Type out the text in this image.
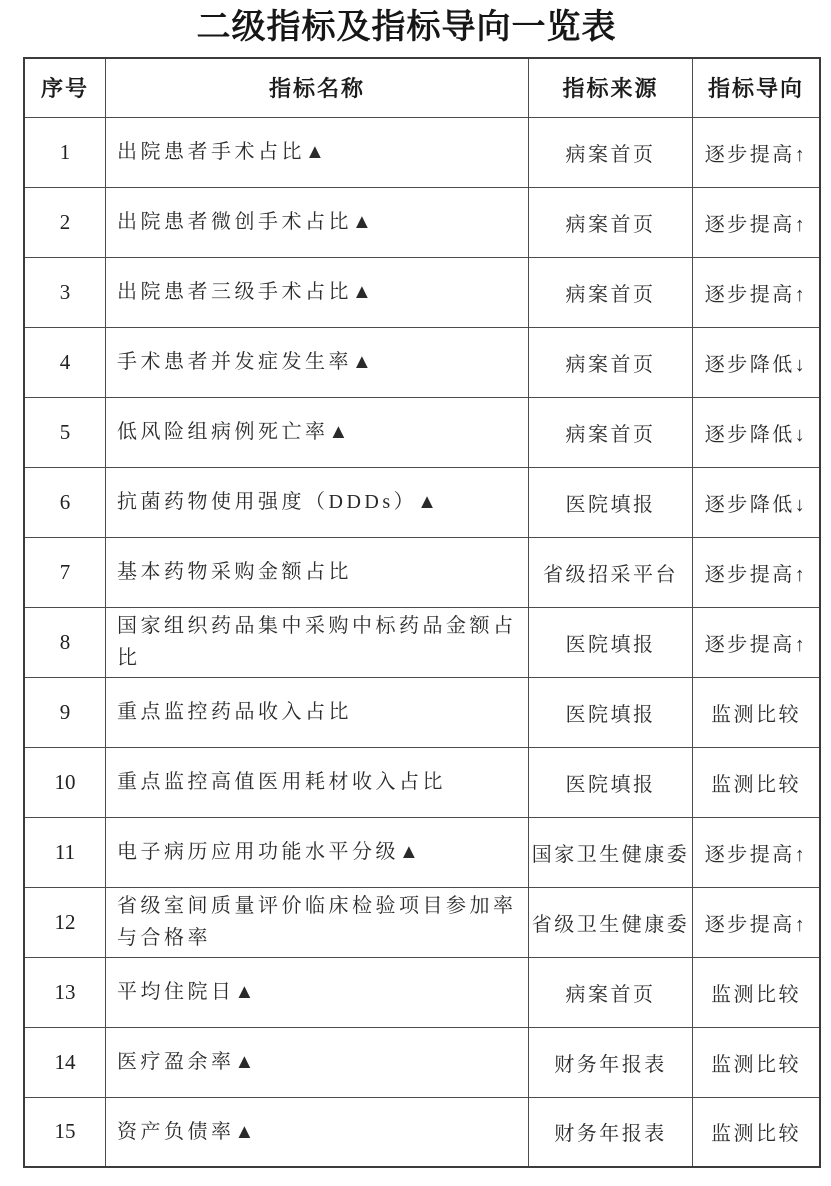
二级指标及指标导向一览表
序号	指标名称	指标来源	指标导向
1	出院患者手术占比▲	病案首页	逐步提高↑
2	出院患者微创手术占比▲	病案首页	逐步提高↑
3	出院患者三级手术占比▲	病案首页	逐步提高↑
4	手术患者并发症发生率▲	病案首页	逐步降低↓
5	低风险组病例死亡率▲	病案首页	逐步降低↓
6	抗菌药物使用强度（DDDs）▲	医院填报	逐步降低↓
7	基本药物采购金额占比	省级招采平台	逐步提高↑
8	国家组织药品集中采购中标药品金额占比	医院填报	逐步提高↑
9	重点监控药品收入占比	医院填报	监测比较
10	重点监控高值医用耗材收入占比	医院填报	监测比较
11	电子病历应用功能水平分级▲	国家卫生健康委	逐步提高↑
12	省级室间质量评价临床检验项目参加率与合格率	省级卫生健康委	逐步提高↑
13	平均住院日▲	病案首页	监测比较
14	医疗盈余率▲	财务年报表	监测比较
15	资产负债率▲	财务年报表	监测比较
